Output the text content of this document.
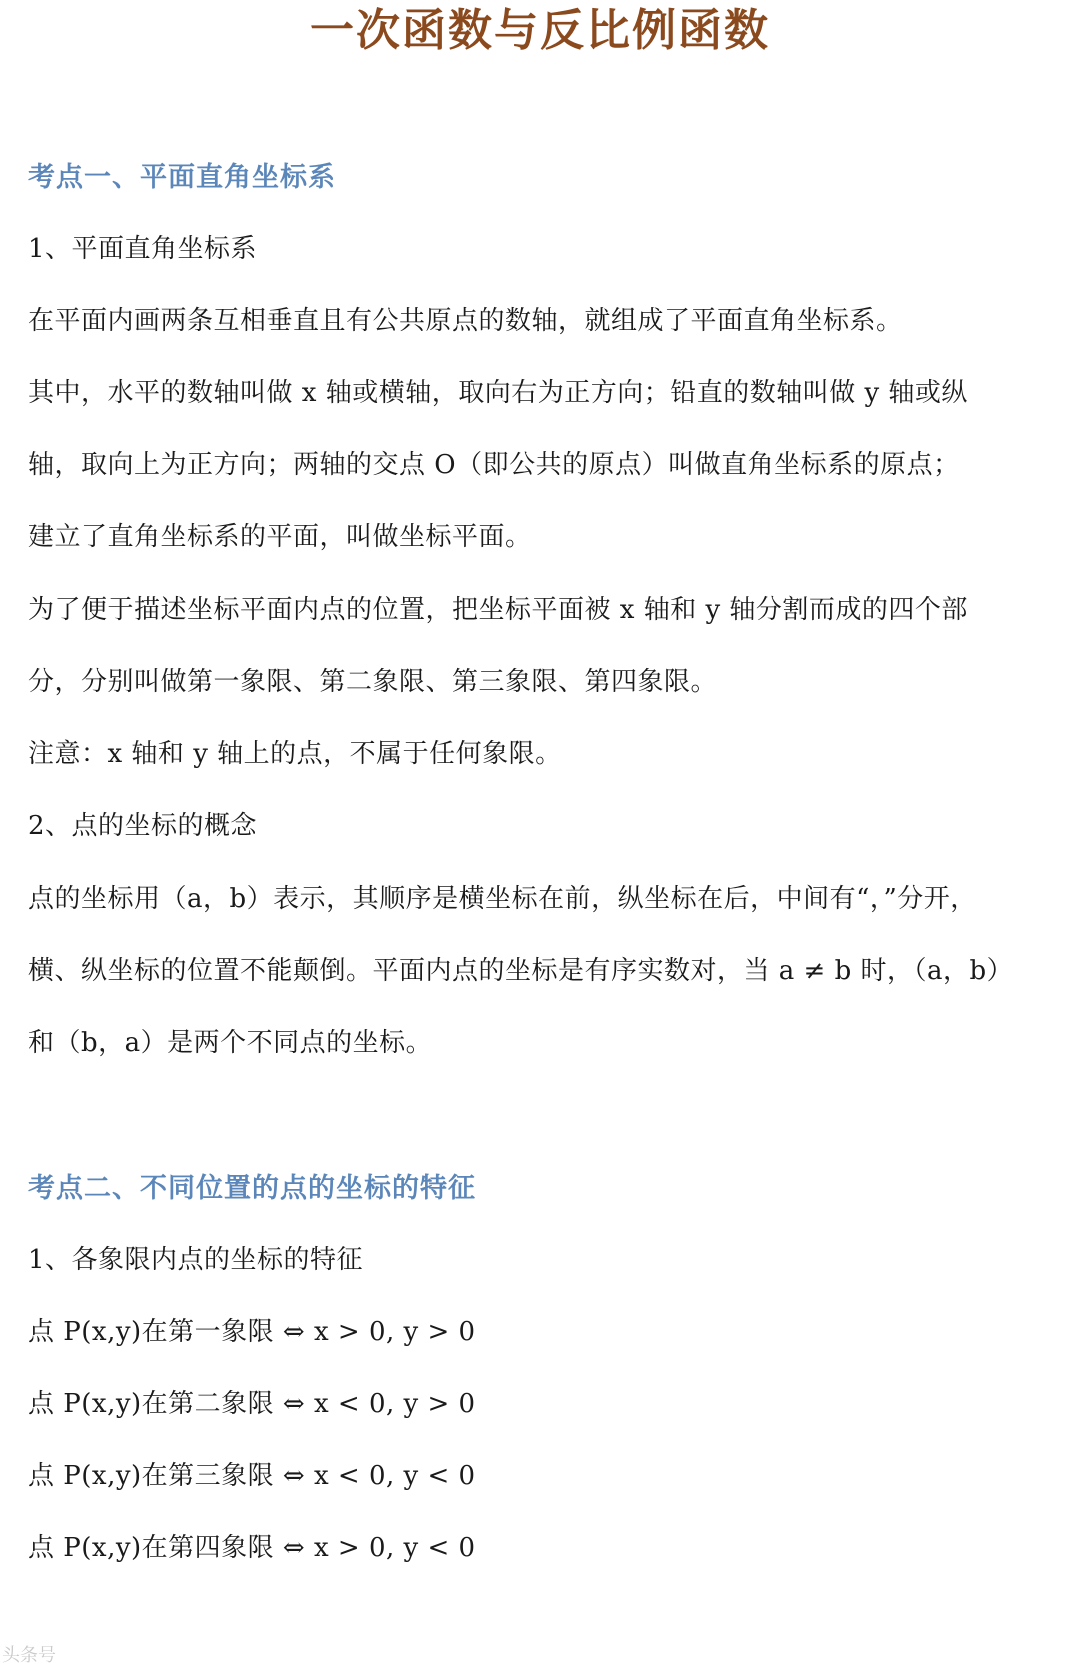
一次函数与反比例函数
考点一、平面直角坐标系
1、平面直角坐标系
在平面内画两条互相垂直且有公共原点的数轴，就组成了平面直角坐标系。
其中，水平的数轴叫做 x 轴或横轴，取向右为正方向；铅直的数轴叫做 y 轴或纵
轴，取向上为正方向；两轴的交点 O（即公共的原点）叫做直角坐标系的原点；
建立了直角坐标系的平面，叫做坐标平面。
为了便于描述坐标平面内点的位置，把坐标平面被 x 轴和 y 轴分割而成的四个部
分，分别叫做第一象限、第二象限、第三象限、第四象限。
注意：x 轴和 y 轴上的点，不属于任何象限。
2、点的坐标的概念
点的坐标用（a，b）表示，其顺序是横坐标在前，纵坐标在后，中间有“，”分开，
横、纵坐标的位置不能颠倒。平面内点的坐标是有序实数对，当 a ≠ b 时，（a，b）
和（b，a）是两个不同点的坐标。
考点二、不同位置的点的坐标的特征
1、各象限内点的坐标的特征
点 P(x,y)在第一象限 ⇔ x > 0, y > 0
点 P(x,y)在第二象限 ⇔ x < 0, y > 0
点 P(x,y)在第三象限 ⇔ x < 0, y < 0
点 P(x,y)在第四象限 ⇔ x > 0, y < 0
头条号
